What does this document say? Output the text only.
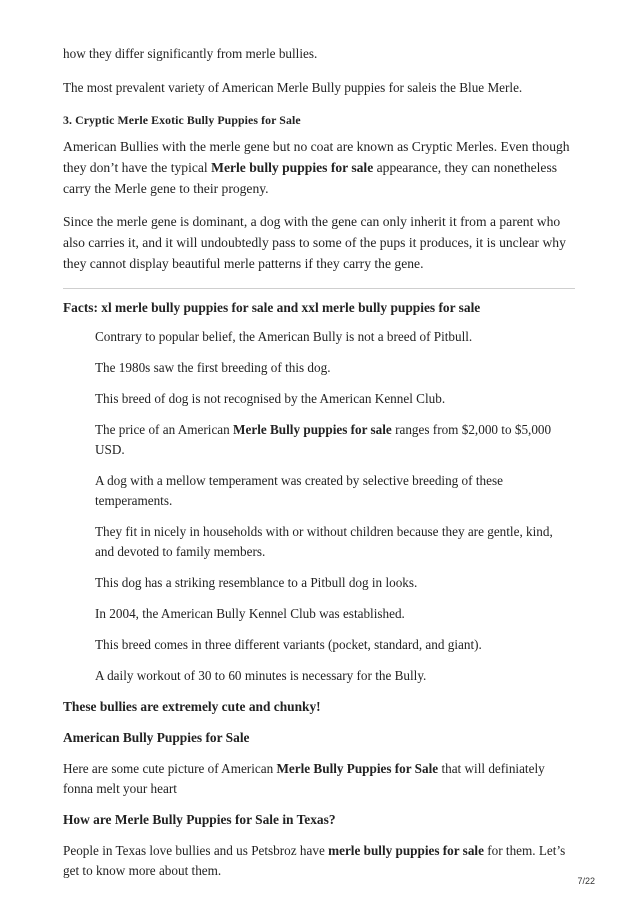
how they differ significantly from merle bullies.

The most prevalent variety of American Merle Bully puppies for saleis the Blue Merle.

3. Cryptic Merle Exotic Bully Puppies for Sale

American Bullies with the merle gene but no coat are known as Cryptic Merles. Even though they don’t have the typical Merle bully puppies for sale appearance, they can nonetheless carry the Merle gene to their progeny.

Since the merle gene is dominant, a dog with the gene can only inherit it from a parent who also carries it, and it will undoubtedly pass to some of the pups it produces, it is unclear why they cannot display beautiful merle patterns if they carry the gene.

Facts: xl merle bully puppies for sale and xxl merle bully puppies for sale

Contrary to popular belief, the American Bully is not a breed of Pitbull.

The 1980s saw the first breeding of this dog.

This breed of dog is not recognised by the American Kennel Club.

The price of an American Merle Bully puppies for sale ranges from $2,000 to $5,000 USD.

A dog with a mellow temperament was created by selective breeding of these temperaments.

They fit in nicely in households with or without children because they are gentle, kind, and devoted to family members.

This dog has a striking resemblance to a Pitbull dog in looks.

In 2004, the American Bully Kennel Club was established.

This breed comes in three different variants (pocket, standard, and giant).

A daily workout of 30 to 60 minutes is necessary for the Bully.

These bullies are extremely cute and chunky!

American Bully Puppies for Sale

Here are some cute picture of American Merle Bully Puppies for Sale that will definiately fonna melt your heart

How are Merle Bully Puppies for Sale in Texas?

People in Texas love bullies and us Petsbroz have merle bully puppies for sale for them. Let’s get to know more about them.

7/22
